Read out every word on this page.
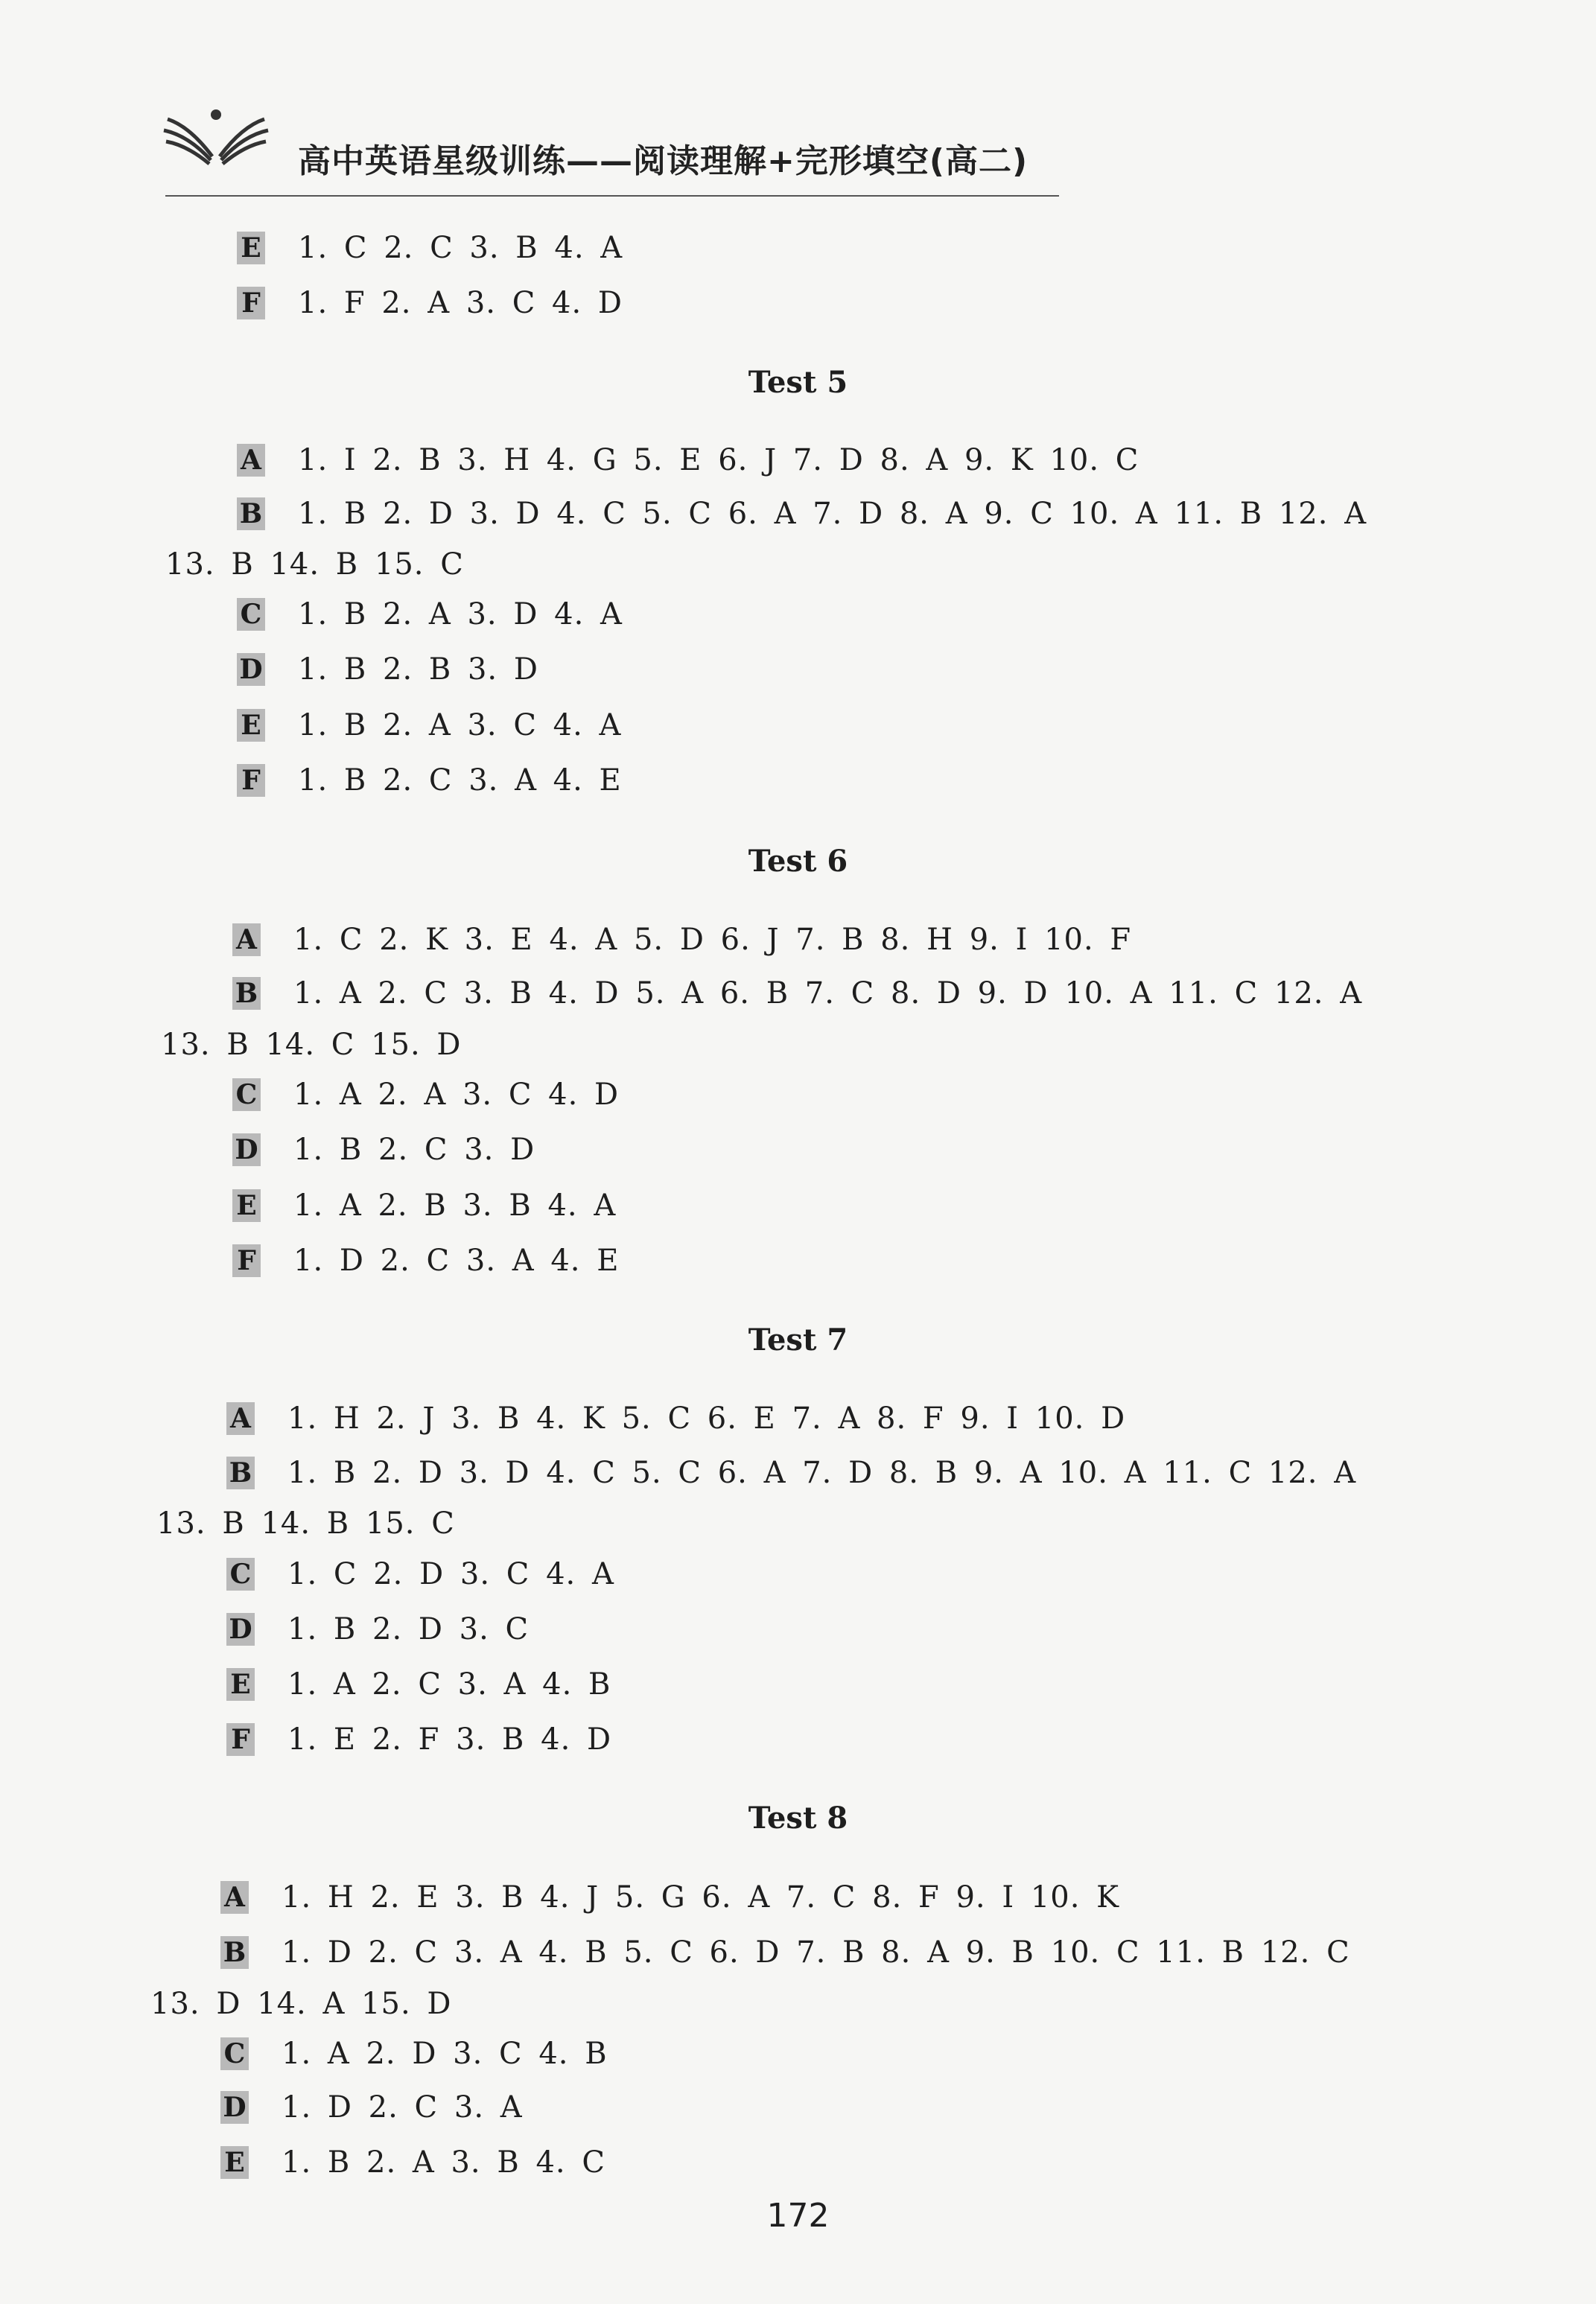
高中英语星级训练——阅读理解+完形填空(高二)
E 1. C 2. C 3. B 4. A
F 1. F 2. A 3. C 4. D
Test 5
A 1. I 2. B 3. H 4. G 5. E 6. J 7. D 8. A 9. K 10. C
B 1. B 2. D 3. D 4. C 5. C 6. A 7. D 8. A 9. C 10. A 11. B 12. A
13. B 14. B 15. C
C 1. B 2. A 3. D 4. A
D 1. B 2. B 3. D
E 1. B 2. A 3. C 4. A
F 1. B 2. C 3. A 4. E
Test 6
A 1. C 2. K 3. E 4. A 5. D 6. J 7. B 8. H 9. I 10. F
B 1. A 2. C 3. B 4. D 5. A 6. B 7. C 8. D 9. D 10. A 11. C 12. A
13. B 14. C 15. D
C 1. A 2. A 3. C 4. D
D 1. B 2. C 3. D
E 1. A 2. B 3. B 4. A
F 1. D 2. C 3. A 4. E
Test 7
A 1. H 2. J 3. B 4. K 5. C 6. E 7. A 8. F 9. I 10. D
B 1. B 2. D 3. D 4. C 5. C 6. A 7. D 8. B 9. A 10. A 11. C 12. A
13. B 14. B 15. C
C 1. C 2. D 3. C 4. A
D 1. B 2. D 3. C
E 1. A 2. C 3. A 4. B
F 1. E 2. F 3. B 4. D
Test 8
A 1. H 2. E 3. B 4. J 5. G 6. A 7. C 8. F 9. I 10. K
B 1. D 2. C 3. A 4. B 5. C 6. D 7. B 8. A 9. B 10. C 11. B 12. C
13. D 14. A 15. D
C 1. A 2. D 3. C 4. B
D 1. D 2. C 3. A
E 1. B 2. A 3. B 4. C
172
